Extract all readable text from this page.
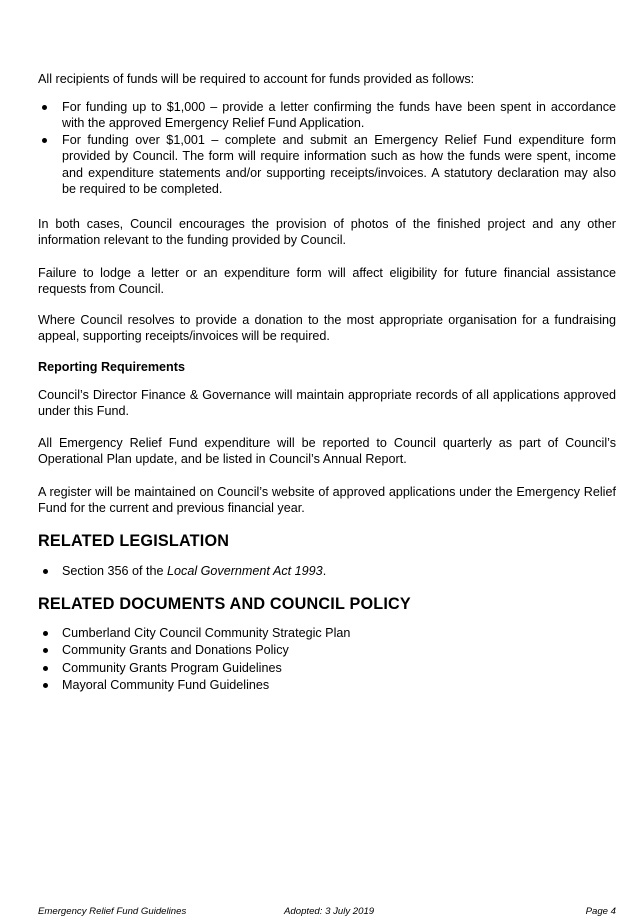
All recipients of funds will be required to account for funds provided as follows:

For funding up to $1,000 – provide a letter confirming the funds have been spent in accordance with the approved Emergency Relief Fund Application.
For funding over $1,001 – complete and submit an Emergency Relief Fund expenditure form provided by Council. The form will require information such as how the funds were spent, income and expenditure statements and/or supporting receipts/invoices. A statutory declaration may also be required to be completed.

In both cases, Council encourages the provision of photos of the finished project and any other information relevant to the funding provided by Council.

Failure to lodge a letter or an expenditure form will affect eligibility for future financial assistance requests from Council.

Where Council resolves to provide a donation to the most appropriate organisation for a fundraising appeal, supporting receipts/invoices will be required.

Reporting Requirements

Council’s Director Finance & Governance will maintain appropriate records of all applications approved under this Fund.

All Emergency Relief Fund expenditure will be reported to Council quarterly as part of Council’s Operational Plan update, and be listed in Council’s Annual Report.

A register will be maintained on Council’s website of approved applications under the Emergency Relief Fund for the current and previous financial year.

RELATED LEGISLATION
Section 356 of the Local Government Act 1993.
RELATED DOCUMENTS AND COUNCIL POLICY
Cumberland City Council Community Strategic Plan
Community Grants and Donations Policy
Community Grants Program Guidelines
Mayoral Community Fund Guidelines
Emergency Relief Fund Guidelines	Adopted: 3 July 2019	Page 4
